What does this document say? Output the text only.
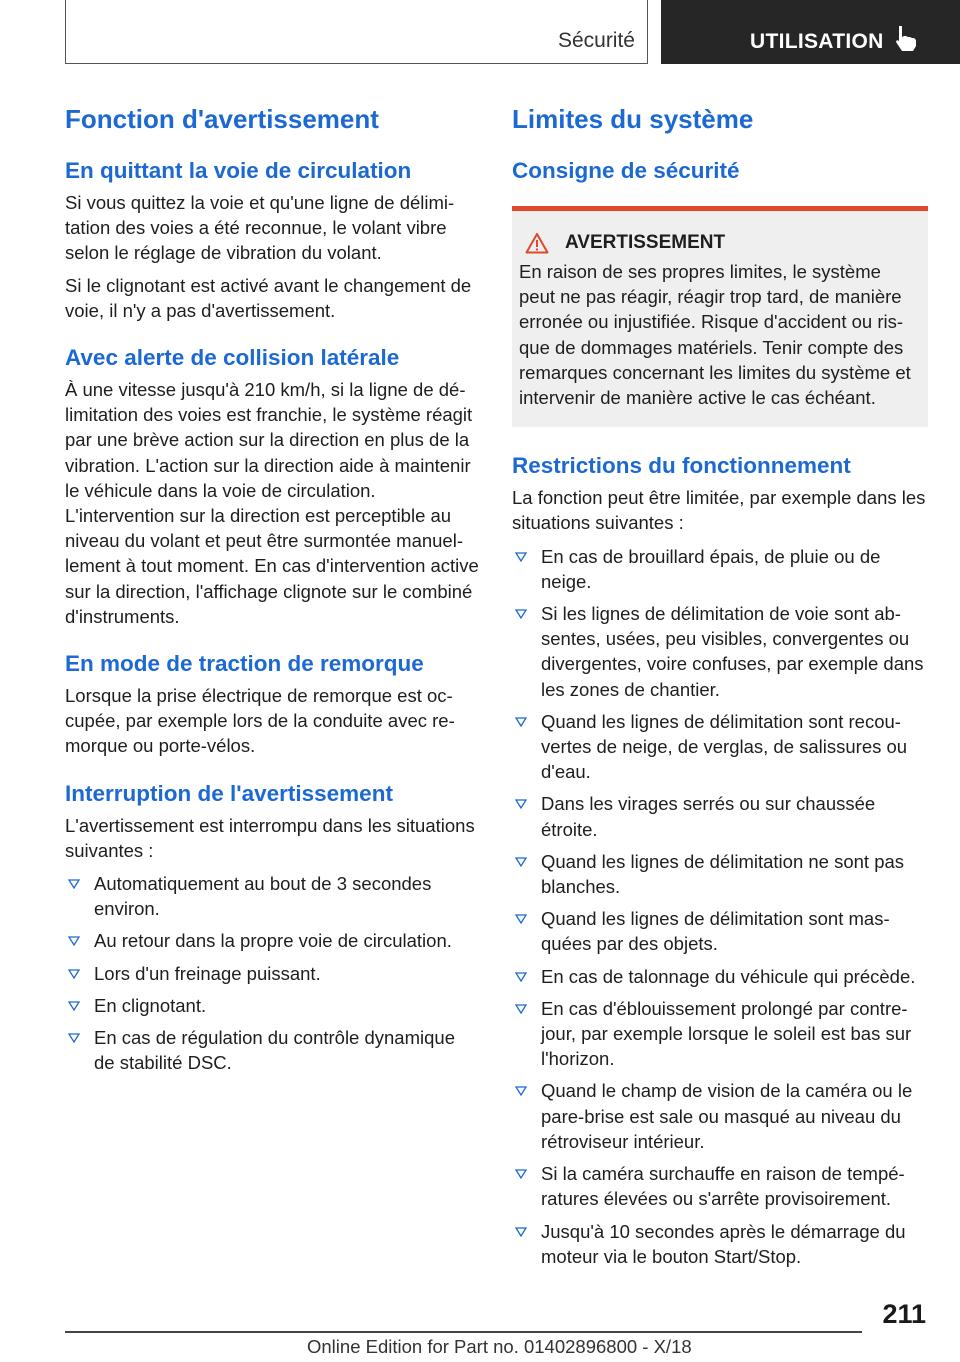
Sécurité	UTILISATION
Fonction d'avertissement
En quittant la voie de circulation

Si vous quittez la voie et qu'une ligne de délimitation des voies a été reconnue, le volant vibre selon le réglage de vibration du volant.

Si le clignotant est activé avant le changement de voie, il n'y a pas d'avertissement.

Avec alerte de collision latérale

À une vitesse jusqu'à 210 km/h, si la ligne de délimitation des voies est franchie, le système réagit par une brève action sur la direction en plus de la vibration. L'action sur la direction aide à maintenir le véhicule dans la voie de circulation. L'intervention sur la direction est perceptible au niveau du volant et peut être surmontée manuellement à tout moment. En cas d'intervention active sur la direction, l'affichage clignote sur le combiné d'instruments.

En mode de traction de remorque

Lorsque la prise électrique de remorque est occupée, par exemple lors de la conduite avec remorque ou porte-vélos.

Interruption de l'avertissement

L'avertissement est interrompu dans les situations suivantes :

Automatiquement au bout de 3 secondes environ.
Au retour dans la propre voie de circulation.
Lors d'un freinage puissant.
En clignotant.
En cas de régulation du contrôle dynamique de stabilité DSC.
Limites du système
Consigne de sécurité
AVERTISSEMENT

En raison de ses propres limites, le système peut ne pas réagir, réagir trop tard, de manière erronée ou injustifiée. Risque d'accident ou risque de dommages matériels. Tenir compte des remarques concernant les limites du système et intervenir de manière active le cas échéant.

Restrictions du fonctionnement

La fonction peut être limitée, par exemple dans les situations suivantes :

En cas de brouillard épais, de pluie ou de neige.
Si les lignes de délimitation de voie sont absentes, usées, peu visibles, convergentes ou divergentes, voire confuses, par exemple dans les zones de chantier.
Quand les lignes de délimitation sont recouvertes de neige, de verglas, de salissures ou d'eau.
Dans les virages serrés ou sur chaussée étroite.
Quand les lignes de délimitation ne sont pas blanches.
Quand les lignes de délimitation sont masquées par des objets.
En cas de talonnage du véhicule qui précède.
En cas d'éblouissement prolongé par contre-jour, par exemple lorsque le soleil est bas sur l'horizon.
Quand le champ de vision de la caméra ou le pare-brise est sale ou masqué au niveau du rétroviseur intérieur.
Si la caméra surchauffe en raison de températures élevées ou s'arrête provisoirement.
Jusqu'à 10 secondes après le démarrage du moteur via le bouton Start/Stop.
211
Online Edition for Part no. 01402896800 - X/18
